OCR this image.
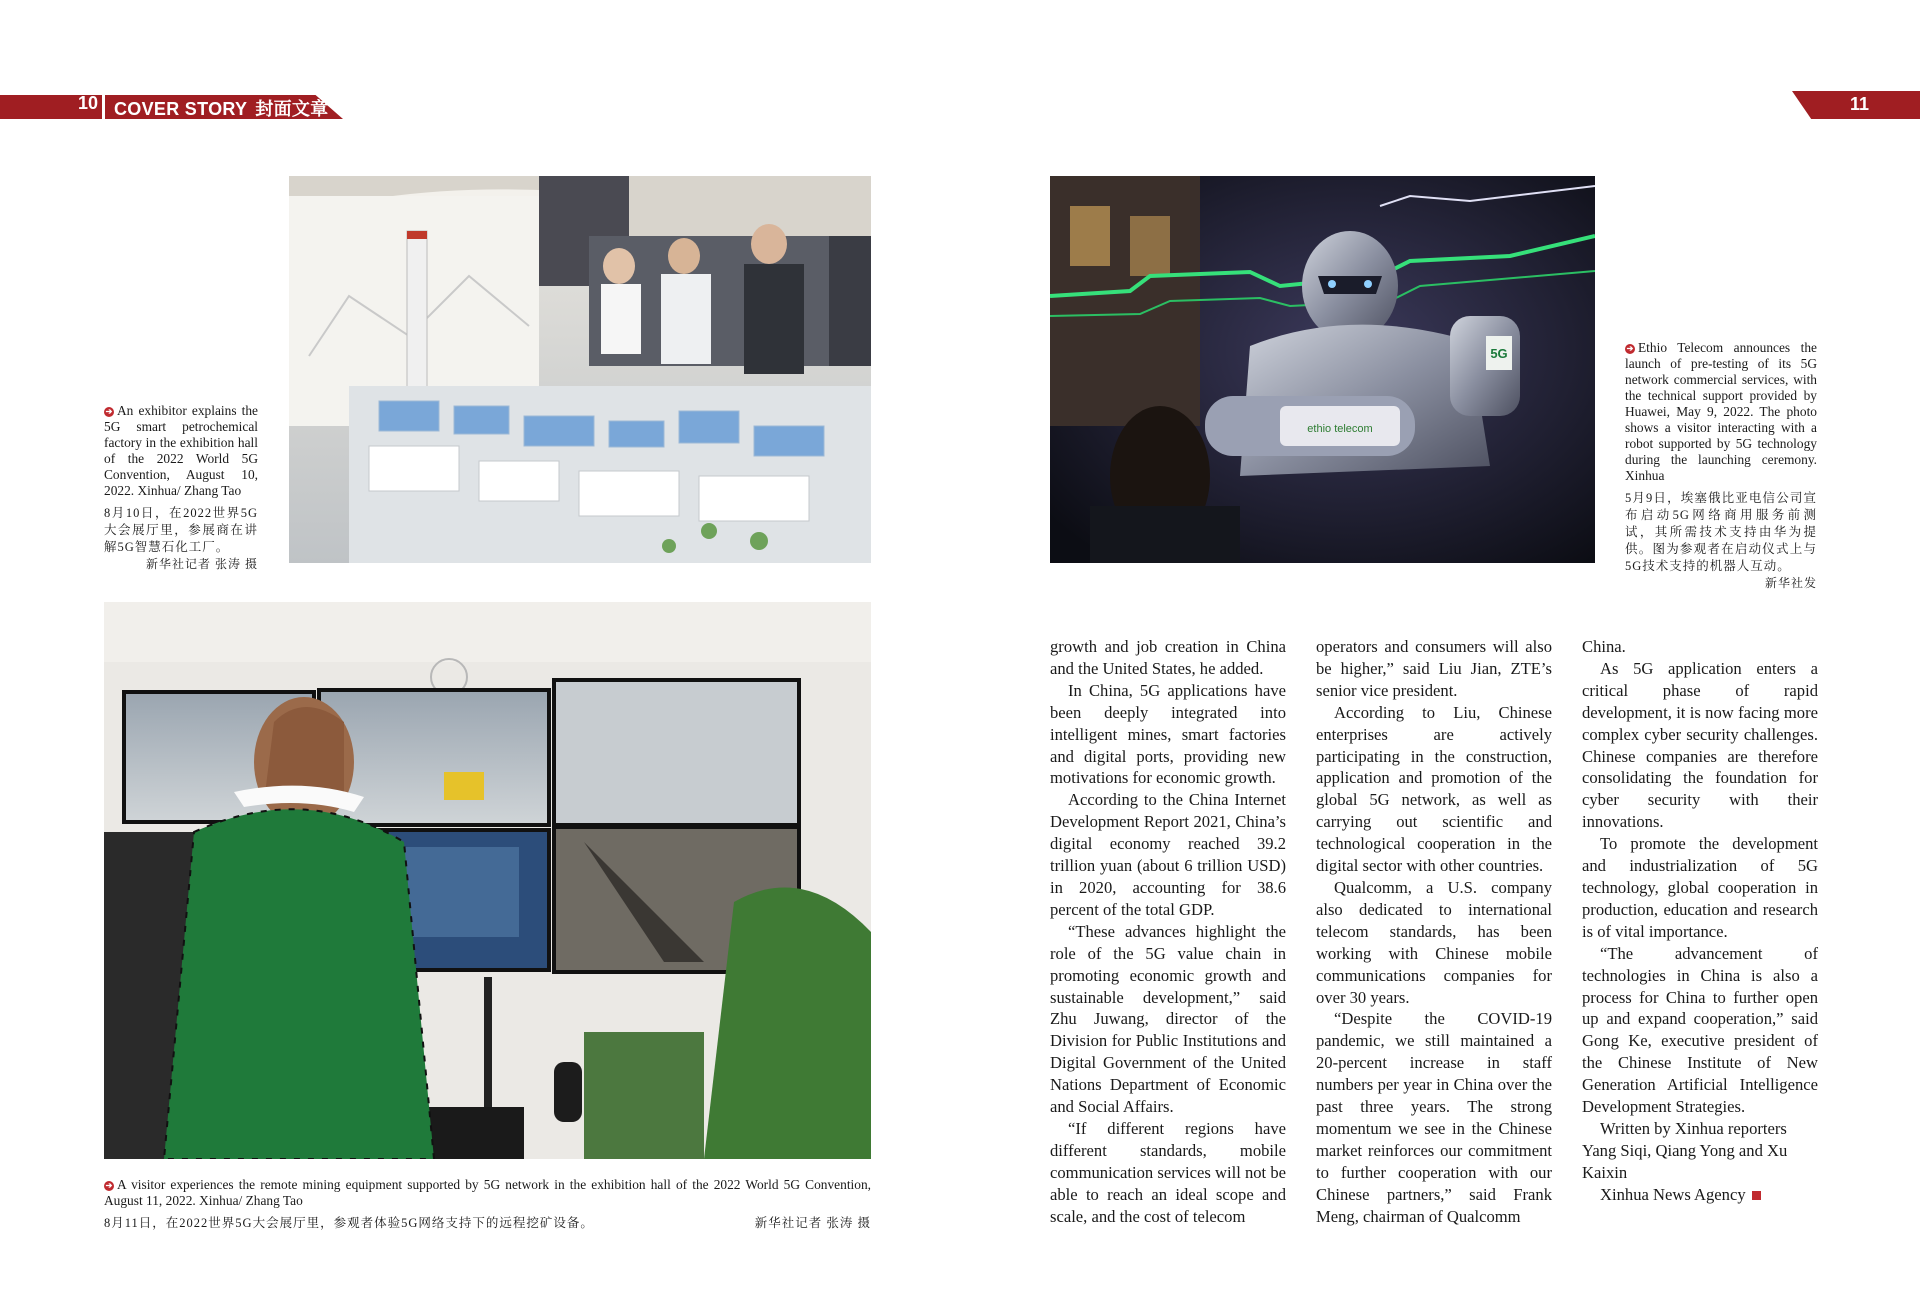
10 COVER STORY 封面文章	11
➔ An exhibitor explains the 5G smart petrochemical factory in the exhibition hall of the 2022 World 5G Convention, August 10, 2022. Xinhua/ Zhang Tao
8月10日，在2022世界5G大会展厅里，参展商在讲解5G智慧石化工厂。
新华社记者 张涛 摄
ethio telecom
5G	➔ Ethio Telecom announces the launch of pre-testing of its 5G network commercial services, with the technical support provided by Huawei, May 9, 2022. The photo shows a visitor interacting with a robot supported by 5G technology during the launching ceremony. Xinhua
5月9日，埃塞俄比亚电信公司宣布启动5G网络商用服务前测试，其所需技术支持由华为提供。图为参观者在启动仪式上与5G技术支持的机器人互动。
新华社发
➔ A visitor experiences the remote mining equipment supported by 5G network in the exhibition hall of the 2022 World 5G Convention, August 11, 2022. Xinhua/ Zhang Tao
8月11日，在2022世界5G大会展厅里，参观者体验5G网络支持下的远程挖矿设备。	新华社记者 张涛 摄

growth and job creation in China and the United States, he added.

In China, 5G applications have been deeply integrated into intelligent mines, smart factories and digital ports, providing new motivations for economic growth.

According to the China Internet Development Report 2021, China’s digital economy reached 39.2 trillion yuan (about 6 trillion USD) in 2020, accounting for 38.6 percent of the total GDP.

“These advances highlight the role of the 5G value chain in promoting economic growth and sustainable development,” said Zhu Juwang, director of the Division for Public Institutions and Digital Government of the United Nations Department of Economic and Social Affairs.

“If different regions have different standards, mobile communication services will not be able to reach an ideal scope and scale, and the cost of telecom

operators and consumers will also be higher,” said Liu Jian, ZTE’s senior vice president.

According to Liu, Chinese enterprises are actively participating in the construction, application and promotion of the global 5G network, as well as carrying out scientific and technological cooperation in the digital sector with other countries.

Qualcomm, a U.S. company also dedicated to international telecom standards, has been working with Chinese mobile communications companies for over 30 years.

“Despite the COVID-19 pandemic, we still maintained a 20-percent increase in staff numbers per year in China over the past three years. The strong momentum we see in the Chinese market reinforces our commitment to further cooperation with our Chinese partners,” said Frank Meng, chairman of Qualcomm

China.

As 5G application enters a critical phase of rapid development, it is now facing more complex cyber security challenges. Chinese companies are therefore consolidating the foundation for cyber security with their innovations.

To promote the development and industrialization of 5G technology, global cooperation in production, education and research is of vital importance.

“The advancement of technologies in China is also a process for China to further open up and expand cooperation,” said Gong Ke, executive president of the Chinese Institute of New Generation Artificial Intelligence Development Strategies.

Written by Xinhua reporters Yang Siqi, Qiang Yong and Xu Kaixin

Xinhua News Agency
